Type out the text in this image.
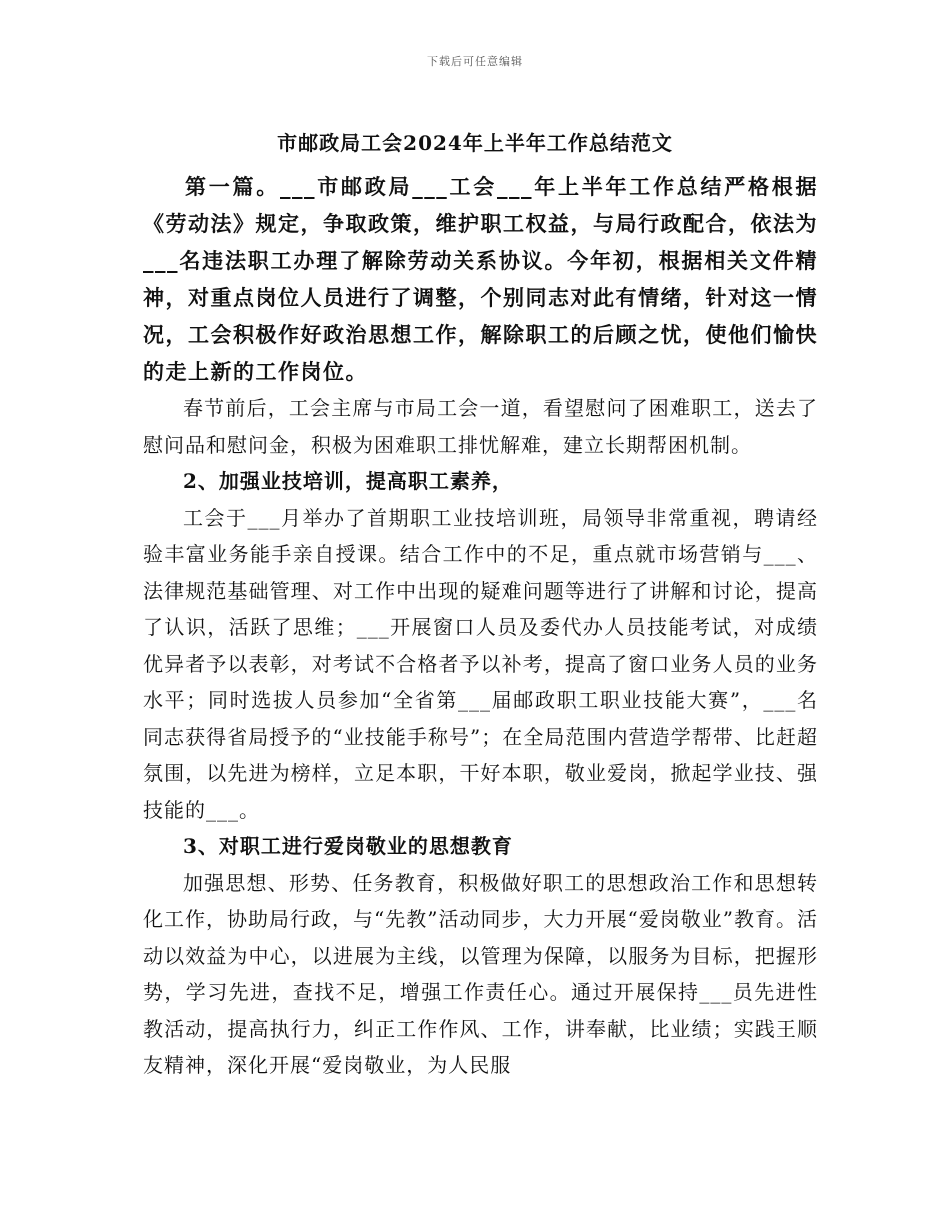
下载后可任意编辑
市邮政局工会2024年上半年工作总结范文

第一篇。___市邮政局___工会___年上半年工作总结严格根据《劳动法》规定，争取政策，维护职工权益，与局行政配合，依法为___名违法职工办理了解除劳动关系协议。今年初，根据相关文件精神，对重点岗位人员进行了调整，个别同志对此有情绪，针对这一情况，工会积极作好政治思想工作，解除职工的后顾之忧，使他们愉快的走上新的工作岗位。

春节前后，工会主席与市局工会一道，看望慰问了困难职工，送去了慰问品和慰问金，积极为困难职工排忧解难，建立长期帮困机制。

2、加强业技培训，提高职工素养，

工会于___月举办了首期职工业技培训班，局领导非常重视，聘请经验丰富业务能手亲自授课。结合工作中的不足，重点就市场营销与___、法律规范基础管理、对工作中出现的疑难问题等进行了讲解和讨论，提高了认识，活跃了思维；___开展窗口人员及委代办人员技能考试，对成绩优异者予以表彰，对考试不合格者予以补考，提高了窗口业务人员的业务水平；同时选拔人员参加“全省第___届邮政职工职业技能大赛”，___名同志获得省局授予的“业技能手称号”；在全局范围内营造学帮带、比赶超氛围，以先进为榜样，立足本职，干好本职，敬业爱岗，掀起学业技、强技能的___。

3、对职工进行爱岗敬业的思想教育

加强思想、形势、任务教育，积极做好职工的思想政治工作和思想转化工作，协助局行政，与“先教”活动同步，大力开展“爱岗敬业”教育。活动以效益为中心，以进展为主线，以管理为保障，以服务为目标，把握形势，学习先进，查找不足，增强工作责任心。通过开展保持___员先进性教活动，提高执行力，纠正工作作风、工作，讲奉献，比业绩；实践王顺友精神，深化开展“爱岗敬业，为人民服
